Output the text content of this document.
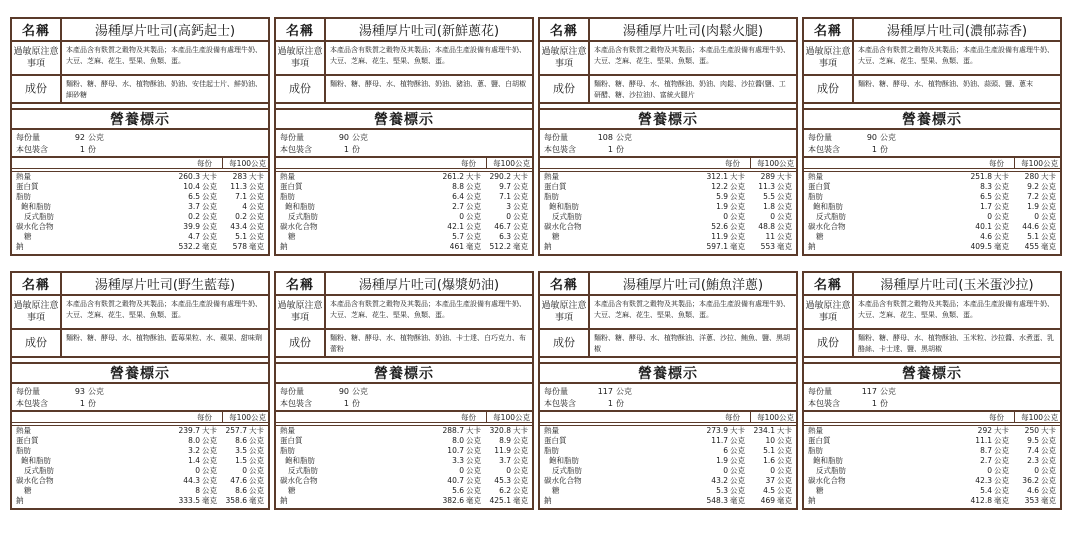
名稱	湯種厚片吐司(高鈣起士)
過敏原注意事項
本產品含有麩質之穀物及其製品；本產品生產設備有處理牛奶、大豆、芝麻、花生、堅果、魚類、蛋。
成份	麵粉、糖、酵母、水、植物酥油、奶油、安佳起士片、鮮奶油、細砂糖
營養標示
每份量	92 公克
本包裝含	1 份
每份	每100公克
熱量	260.3 大卡 283 大卡
蛋白質	10.4 公克 11.3 公克
脂肪	6.5 公克 7.1 公克
飽和脂肪	3.7 公克	4 公克
反式脂肪	0.2 公克 0.2 公克
碳水化合物	39.9 公克 43.4 公克
糖	4.7 公克 5.1 公克
鈉	532.2 毫克 578 毫克
名稱	湯種厚片吐司(新鮮蔥花)
過敏原注意事項
本產品含有麩質之穀物及其製品；本產品生產設備有處理牛奶、大豆、芝麻、花生、堅果、魚類、蛋。
成份	麵粉、糖、酵母、水、植物酥油、奶油、豬油、蔥、鹽、白胡椒
營養標示
每份量	90 公克
本包裝含	1 份
每份	每100公克
熱量	261.2 大卡 290.2 大卡
蛋白質	8.8 公克 9.7 公克
脂肪	6.4 公克 7.1 公克
飽和脂肪	2.7 公克	3 公克
反式脂肪	0 公克	0 公克
碳水化合物	42.1 公克 46.7 公克
糖	5.7 公克 6.3 公克
鈉	461 毫克 512.2 毫克
名稱	湯種厚片吐司(肉鬆火腿)
過敏原注意事項
本產品含有麩質之穀物及其製品；本產品生產設備有處理牛奶、大豆、芝麻、花生、堅果、魚類、蛋。
成份	麵粉、糖、酵母、水、植物酥油、奶油、肉鬆、沙拉醬(鹽、工研醋、糖、沙拉油)、富統火腿片
營養標示
每份量	108 公克
本包裝含	1 份
每份	每100公克
熱量	312.1 大卡 289 大卡
蛋白質	12.2 公克 11.3 公克
脂肪	5.9 公克 5.5 公克
飽和脂肪	1.9 公克 1.8 公克
反式脂肪	0 公克	0 公克
碳水化合物	52.6 公克 48.8 公克
糖	11.9 公克	11 公克
鈉	597.1 毫克 553 毫克
名稱	湯種厚片吐司(濃郁蒜香)
過敏原注意事項
本產品含有麩質之穀物及其製品；本產品生產設備有處理牛奶、大豆、芝麻、花生、堅果、魚類、蛋。
成份	麵粉、糖、酵母、水、植物酥油、奶油、蒜頭、鹽、蔥末
營養標示
每份量	90 公克
本包裝含	1 份
每份	每100公克
熱量	251.8 大卡 280 大卡
蛋白質	8.3 公克 9.2 公克
脂肪	6.5 公克 7.2 公克
飽和脂肪	1.7 公克 1.9 公克
反式脂肪	0 公克	0 公克
碳水化合物	40.1 公克 44.6 公克
糖	4.6 公克 5.1 公克
鈉	409.5 毫克 455 毫克
名稱	湯種厚片吐司(野生藍莓)
過敏原注意事項
本產品含有麩質之穀物及其製品；本產品生產設備有處理牛奶、大豆、芝麻、花生、堅果、魚類、蛋。
成份	麵粉、糖、酵母、水、植物酥油、藍莓果粒、水、蘋果、甜味劑
營養標示
每份量	93 公克
本包裝含	1 份
每份	每100公克
熱量	239.7 大卡 257.7 大卡
蛋白質	8.0 公克 8.6 公克
脂肪	3.2 公克 3.5 公克
飽和脂肪	1.4 公克 1.5 公克
反式脂肪	0 公克	0 公克
碳水化合物	44.3 公克 47.6 公克
糖	8 公克 8.6 公克
鈉	333.5 毫克 358.6 毫克
名稱	湯種厚片吐司(爆漿奶油)
過敏原注意事項
本產品含有麩質之穀物及其製品；本產品生產設備有處理牛奶、大豆、芝麻、花生、堅果、魚類、蛋。
成份	麵粉、糖、酵母、水、植物酥油、奶油、卡士達、白巧克力、布蕾粉
營養標示
每份量	90 公克
本包裝含	1 份
每份	每100公克
熱量	288.7 大卡 320.8 大卡
蛋白質	8.0 公克 8.9 公克
脂肪	10.7 公克 11.9 公克
飽和脂肪	3.3 公克 3.7 公克
反式脂肪	0 公克	0 公克
碳水化合物	40.7 公克 45.3 公克
糖	5.6 公克 6.2 公克
鈉	382.6 毫克 425.1 毫克
名稱	湯種厚片吐司(鮪魚洋蔥)
過敏原注意事項
本產品含有麩質之穀物及其製品；本產品生產設備有處理牛奶、大豆、芝麻、花生、堅果、魚類、蛋。
成份	麵粉、糖、酵母、水、植物酥油、洋蔥、沙拉、鮪魚、鹽、黑胡椒
營養標示
每份量	117 公克
本包裝含	1 份
每份	每100公克
熱量	273.9 大卡 234.1 大卡
蛋白質	11.7 公克	10 公克
脂肪	6 公克 5.1 公克
飽和脂肪	1.9 公克 1.6 公克
反式脂肪	0 公克	0 公克
碳水化合物	43.2 公克	37 公克
糖	5.3 公克 4.5 公克
鈉	548.3 毫克 469 毫克
名稱	湯種厚片吐司(玉米蛋沙拉)
過敏原注意事項
本產品含有麩質之穀物及其製品；本產品生產設備有處理牛奶、大豆、芝麻、花生、堅果、魚類、蛋。
成份	麵粉、糖、酵母、水、植物酥油、玉米粒、沙拉醬、水煮蛋、乳酪絲、卡士達、鹽、黑胡椒
營養標示
每份量	117 公克
本包裝含	1 份
每份	每100公克
熱量	292 大卡 250 大卡
蛋白質	11.1 公克 9.5 公克
脂肪	8.7 公克 7.4 公克
飽和脂肪	2.7 公克 2.3 公克
反式脂肪	0 公克	0 公克
碳水化合物	42.3 公克 36.2 公克
糖	5.4 公克 4.6 公克
鈉	412.8 毫克 353 毫克
